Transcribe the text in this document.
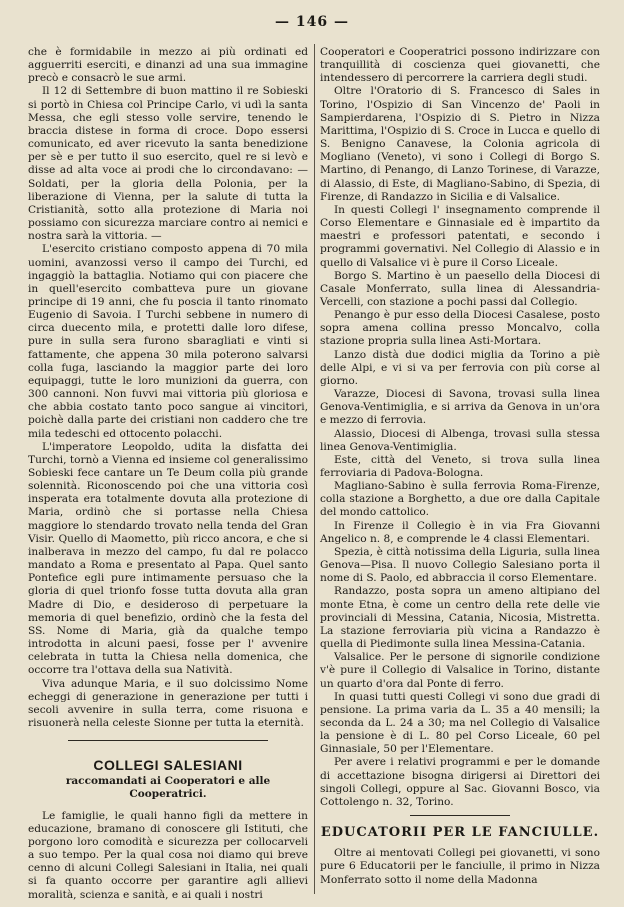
— 146 —

che è formidabile in mezzo ai più ordinati ed agguerriti eserciti, e dinanzi ad una sua immagine precò e consacrò le sue armi.

Il 12 di Settembre di buon mattino il re Sobieski si portò in Chiesa col Principe Carlo, vi udì la santa Messa, che egli stesso volle servire, tenendo le braccia distese in forma di croce. Dopo essersi comunicato, ed aver ricevuto la santa benedizione per sè e per tutto il suo esercito, quel re si levò e disse ad alta voce ai prodi che lo circondavano: — Soldati, per la gloria della Polonia, per la liberazione di Vienna, per la salute di tutta la Cristianità, sotto alla protezione di Maria noi possiamo con sicurezza marciare contro ai nemici e nostra sarà la vittoria. —

L'esercito cristiano composto appena di 70 mila uomini, avanzossi verso il campo dei Turchi, ed ingaggiò la battaglia. Notiamo qui con piacere che in quell'esercito combatteva pure un giovane principe di 19 anni, che fu poscia il tanto rinomato Eugenio di Savoia. I Turchi sebbene in numero di circa duecento mila, e protetti dalle loro difese, pure in sulla sera furono sbaragliati e vinti si fattamente, che appena 30 mila poterono salvarsi colla fuga, lasciando la maggior parte dei loro equipaggi, tutte le loro munizioni da guerra, con 300 cannoni. Non fuvvi mai vittoria più gloriosa e che abbia costato tanto poco sangue ai vincitori, poichè dalla parte dei cristiani non caddero che tre mila tedeschi ed ottocento polacchi.

L'imperatore Leopoldo, udita la disfatta dei Turchi, tornò a Vienna ed insieme col generalissimo Sobieski fece cantare un Te Deum colla più grande solennità. Riconoscendo poi che una vittoria così insperata era totalmente dovuta alla protezione di Maria, ordinò che si portasse nella Chiesa maggiore lo stendardo trovato nella tenda del Gran Visir. Quello di Maometto, più ricco ancora, e che si inalberava in mezzo del campo, fu dal re polacco mandato a Roma e presentato al Papa. Quel santo Pontefice egli pure intimamente persuaso che la gloria di quel trionfo fosse tutta dovuta alla gran Madre di Dio, e desideroso di perpetuare la memoria di quel benefizio, ordinò che la festa del SS. Nome di Maria, già da qualche tempo introdotta in alcuni paesi, fosse per l' avvenire celebrata in tutta la Chiesa nella domenica, che occorre tra l'ottava della sua Natività.

Viva adunque Maria, e il suo dolcissimo Nome echeggi di generazione in generazione per tutti i secoli avvenire in sulla terra, come risuona e risuonerà nella celeste Sionne per tutta la eternità.

COLLEGI SALESIANI
raccomandati ai Cooperatori e alle Cooperatrici.

Le famiglie, le quali hanno figli da mettere in educazione, bramano di conoscere gli Istituti, che porgono loro comodità e sicurezza per collocarveli a suo tempo. Per la qual cosa noi diamo qui breve cenno di alcuni Collegi Salesiani in Italia, nei quali si fa quanto occorre per garantire agli allievi moralità, scienza e sanità, e ai quali i nostri

Cooperatori e Cooperatrici possono indirizzare con tranquillità di coscienza quei giovanetti, che intendessero di percorrere la carriera degli studi.

Oltre l'Oratorio di S. Francesco di Sales in Torino, l'Ospizio di San Vincenzo de' Paoli in Sampierdarena, l'Ospizio di S. Pietro in Nizza Marittima, l'Ospizio di S. Croce in Lucca e quello di S. Benigno Canavese, la Colonia agricola di Mogliano (Veneto), vi sono i Collegi di Borgo S. Martino, di Penango, di Lanzo Torinese, di Varazze, di Alassio, di Este, di Magliano-Sabino, di Spezia, di Firenze, di Randazzo in Sicilia e di Valsalice.

In questi Collegi l' insegnamento comprende il Corso Elementare e Ginnasiale ed è impartito da maestri e professori patentati, e secondo i programmi governativi. Nel Collegio di Alassio e in quello di Valsalice vi è pure il Corso Liceale.

Borgo S. Martino è un paesello della Diocesi di Casale Monferrato, sulla linea di Alessandria-Vercelli, con stazione a pochi passi dal Collegio.

Penango è pur esso della Diocesi Casalese, posto sopra amena collina presso Moncalvo, colla stazione propria sulla linea Asti-Mortara.

Lanzo distà due dodici miglia da Torino a piè delle Alpi, e vi si va per ferrovia con più corse al giorno.

Varazze, Diocesi di Savona, trovasi sulla linea Genova-Ventimiglia, e si arriva da Genova in un'ora e mezzo di ferrovia.

Alassio, Diocesi di Albenga, trovasi sulla stessa linea Genova-Ventimiglia.

Este, città del Veneto, si trova sulla linea ferroviaria di Padova-Bologna.

Magliano-Sabino è sulla ferrovia Roma-Firenze, colla stazione a Borghetto, a due ore dalla Capitale del mondo cattolico.

In Firenze il Collegio è in via Fra Giovanni Angelico n. 8, e comprende le 4 classi Elementari.

Spezia, è città notissima della Liguria, sulla linea Genova—Pisa. Il nuovo Collegio Salesiano porta il nome di S. Paolo, ed abbraccia il corso Elementare.

Randazzo, posta sopra un ameno altipiano del monte Etna, è come un centro della rete delle vie provinciali di Messina, Catania, Nicosia, Mistretta. La stazione ferroviaria più vicina a Randazzo è quella di Piedimonte sulla linea Messina-Catania.

Valsalice. Per le persone di signorile condizione v'è pure il Collegio di Valsalice in Torino, distante un quarto d'ora dal Ponte di ferro.

In quasi tutti questi Collegi vi sono due gradi di pensione. La prima varia da L. 35 a 40 mensili; la seconda da L. 24 a 30; ma nel Collegio di Valsalice la pensione è di L. 80 pel Corso Liceale, 60 pel Ginnasiale, 50 per l'Elementare.

Per avere i relativi programmi e per le domande di accettazione bisogna dirigersi ai Direttori dei singoli Collegi, oppure al Sac. Giovanni Bosco, via Cottolengo n. 32, Torino.

EDUCATORII PER LE FANCIULLE.

Oltre ai mentovati Collegi pei giovanetti, vi sono pure 6 Educatorii per le fanciulle, il primo in Nizza Monferrato sotto il nome della Madonna
